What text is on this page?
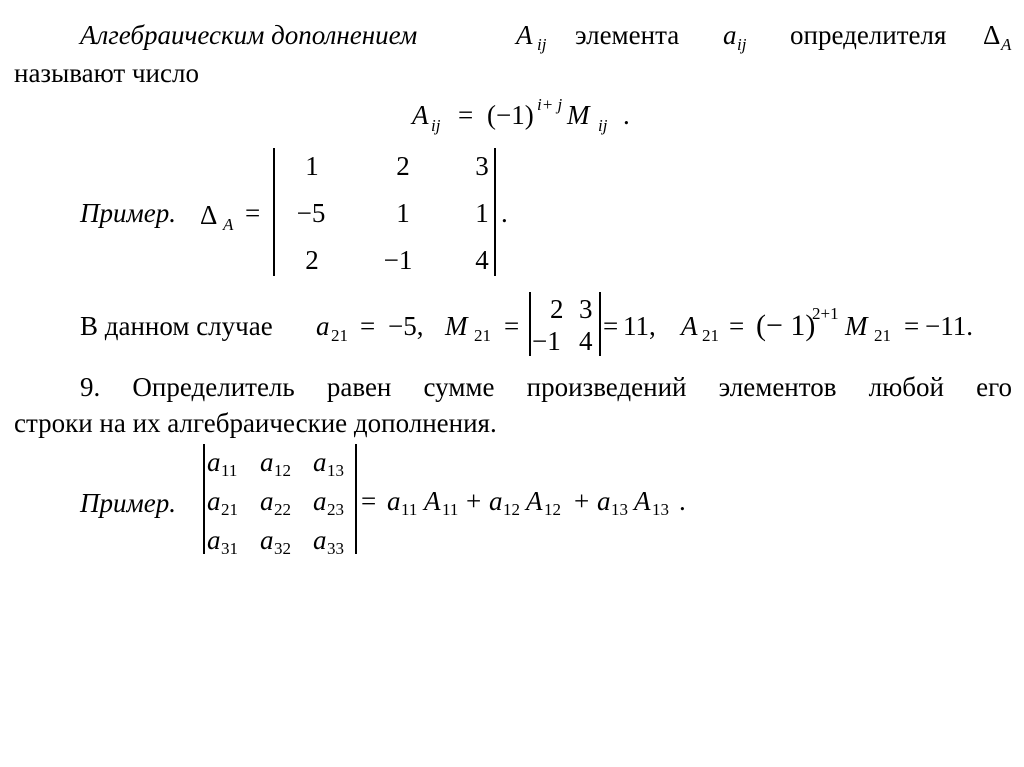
Алгебраическим дополнением	A ij элемента a ij определителя Δ A
называют число
A ij = (−1) i+ j M ij .
Пример. Δ A =
1	2	3
−5	1	1
2	−1	4
.
В данном случае a 21 = −5, M 21 =
2 3
−1 4 = 11, A 21 = (− 1)
2+1 M 21 = −11.
9. Определитель равен сумме произведений элементов любой его
строки на их алгебраические дополнения.
Пример.
a 11 a 12 a 13
a 21 a 22 a 23
a 31 a 32 a 33
= a 11 A 11 + a 12 A 12 + a 13 A 13 .
